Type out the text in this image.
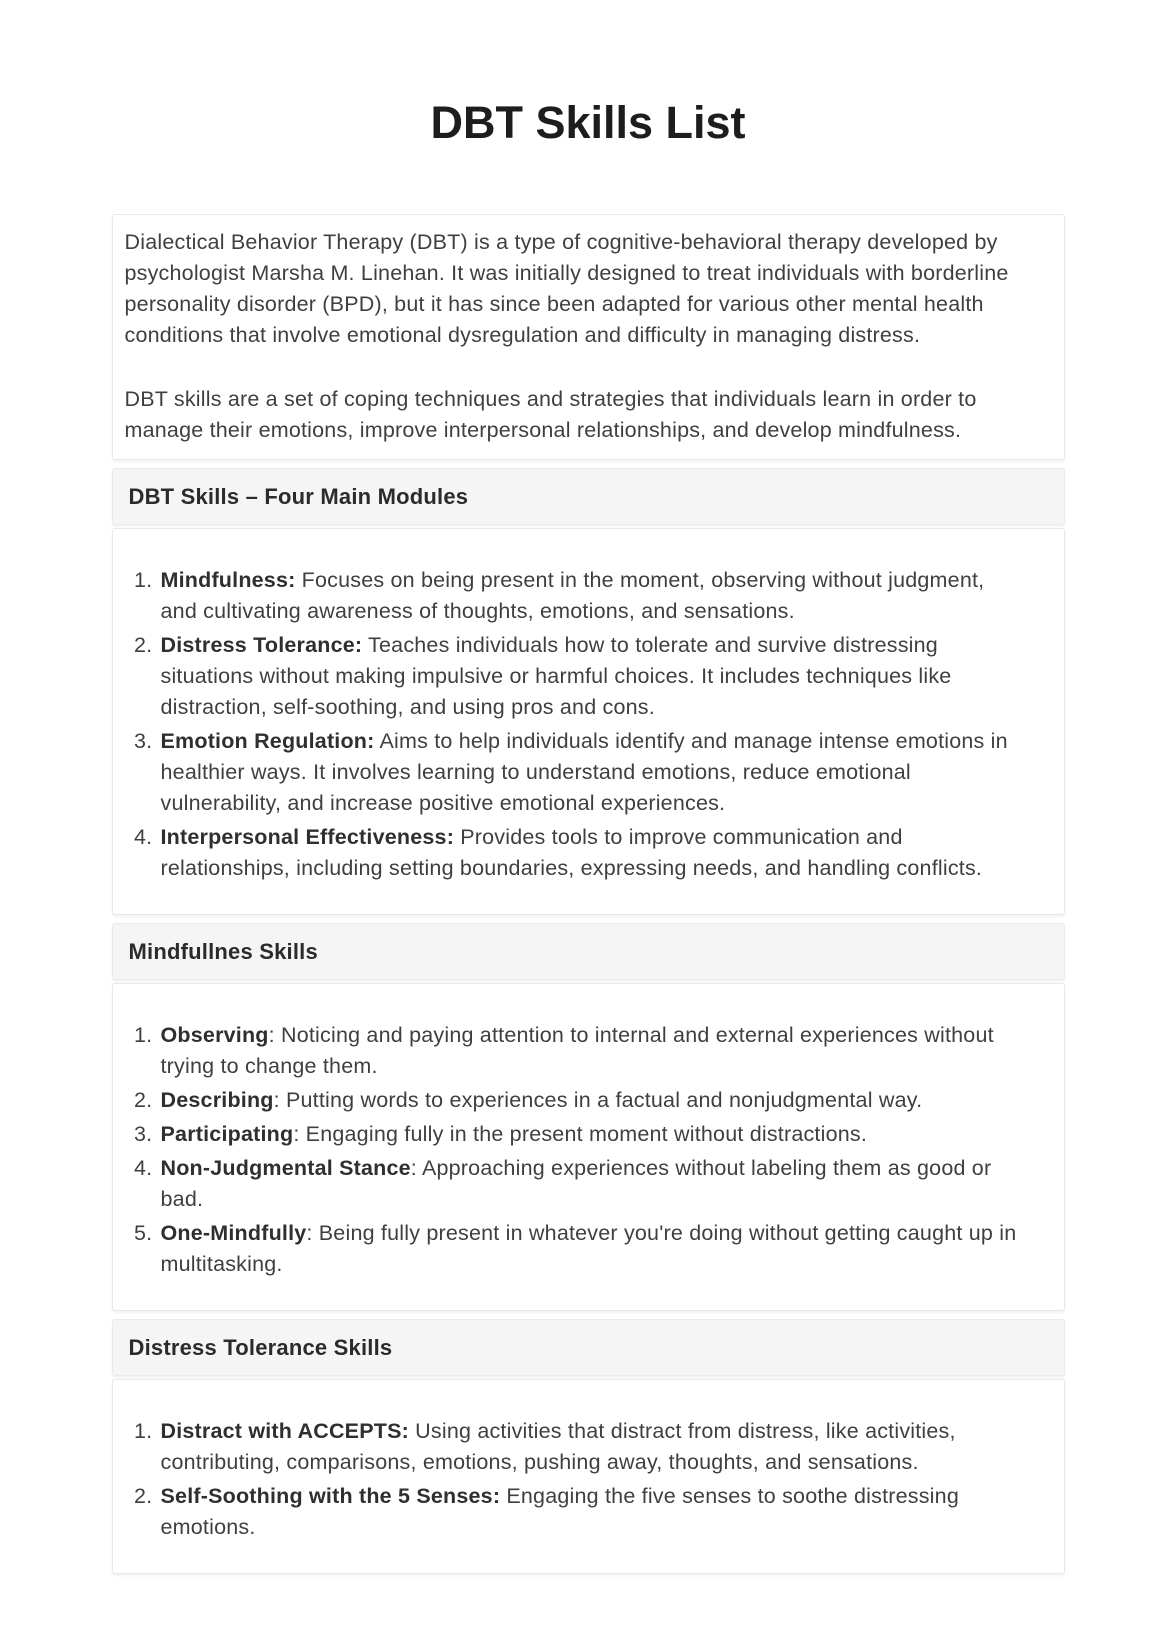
DBT Skills List

Dialectical Behavior Therapy (DBT) is a type of cognitive-behavioral therapy developed by psychologist Marsha M. Linehan. It was initially designed to treat individuals with borderline personality disorder (BPD), but it has since been adapted for various other mental health conditions that involve emotional dysregulation and difficulty in managing distress.

DBT skills are a set of coping techniques and strategies that individuals learn in order to manage their emotions, improve interpersonal relationships, and develop mindfulness.

DBT Skills – Four Main Modules
1. Mindfulness: Focuses on being present in the moment, observing without judgment, and cultivating awareness of thoughts, emotions, and sensations.
2. Distress Tolerance: Teaches individuals how to tolerate and survive distressing situations without making impulsive or harmful choices. It includes techniques like distraction, self-soothing, and using pros and cons.
3. Emotion Regulation: Aims to help individuals identify and manage intense emotions in healthier ways. It involves learning to understand emotions, reduce emotional vulnerability, and increase positive emotional experiences.
4. Interpersonal Effectiveness: Provides tools to improve communication and relationships, including setting boundaries, expressing needs, and handling conflicts.
Mindfullnes Skills
1. Observing: Noticing and paying attention to internal and external experiences without trying to change them.
2. Describing: Putting words to experiences in a factual and nonjudgmental way.
3. Participating: Engaging fully in the present moment without distractions.
4. Non-Judgmental Stance: Approaching experiences without labeling them as good or bad.
5. One-Mindfully: Being fully present in whatever you're doing without getting caught up in multitasking.
Distress Tolerance Skills
1. Distract with ACCEPTS: Using activities that distract from distress, like activities, contributing, comparisons, emotions, pushing away, thoughts, and sensations.
2. Self-Soothing with the 5 Senses: Engaging the five senses to soothe distressing emotions.
